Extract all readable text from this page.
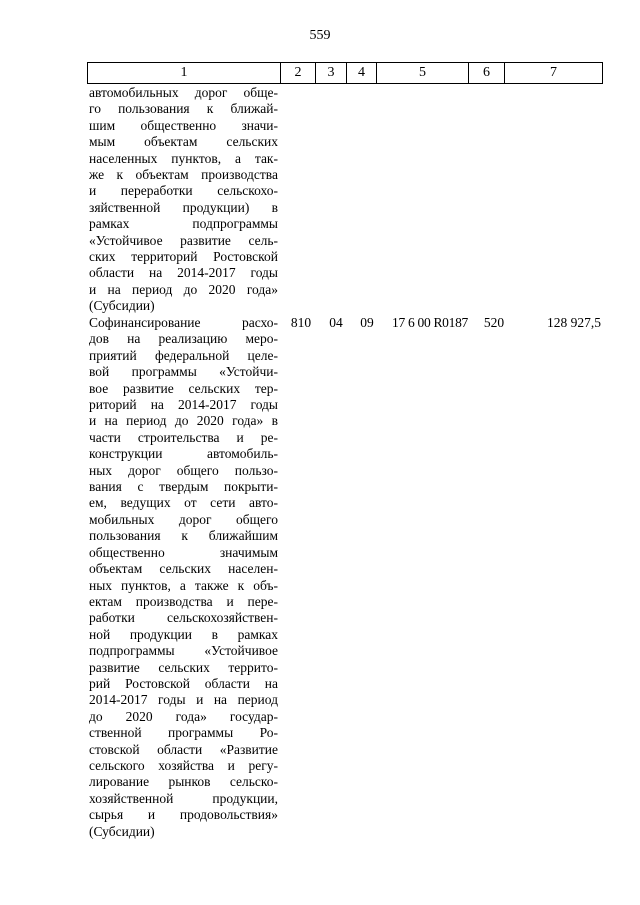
559
1	2	3	4	5	6	7
автомобильных дорог обще-
го пользования к ближай-
шим общественно значи-
мым объектам сельских
населенных пунктов, а так-
же к объектам производства
и переработки сельскохо-
зяйственной продукции) в
рамках подпрограммы
«Устойчивое развитие сель-
ских территорий Ростовской
области на 2014-2017 годы
и на период до 2020 года»
(Субсидии)
Софинансирование расхо-
дов на реализацию меро-
приятий федеральной целе-
вой программы «Устойчи-
вое развитие сельских тер-
риторий на 2014-2017 годы
и на период до 2020 года» в
части строительства и ре-
конструкции автомобиль-
ных дорог общего пользо-
вания с твердым покрыти-
ем, ведущих от сети авто-
мобильных дорог общего
пользования к ближайшим
общественно значимым
объектам сельских населен-
ных пунктов, а также к объ-
ектам производства и пере-
работки сельскохозяйствен-
ной продукции в рамках
подпрограммы «Устойчивое
развитие сельских террито-
рий Ростовской области на
2014-2017 годы и на период
до 2020 года» государ-
ственной программы Ро-
стовской области «Развитие
сельского хозяйства и регу-
лирование рынков сельско-
хозяйственной продукции,
сырья и продовольствия»
(Субсидии)
810	04	09	17 6 00 R0187	520	128 927,5
